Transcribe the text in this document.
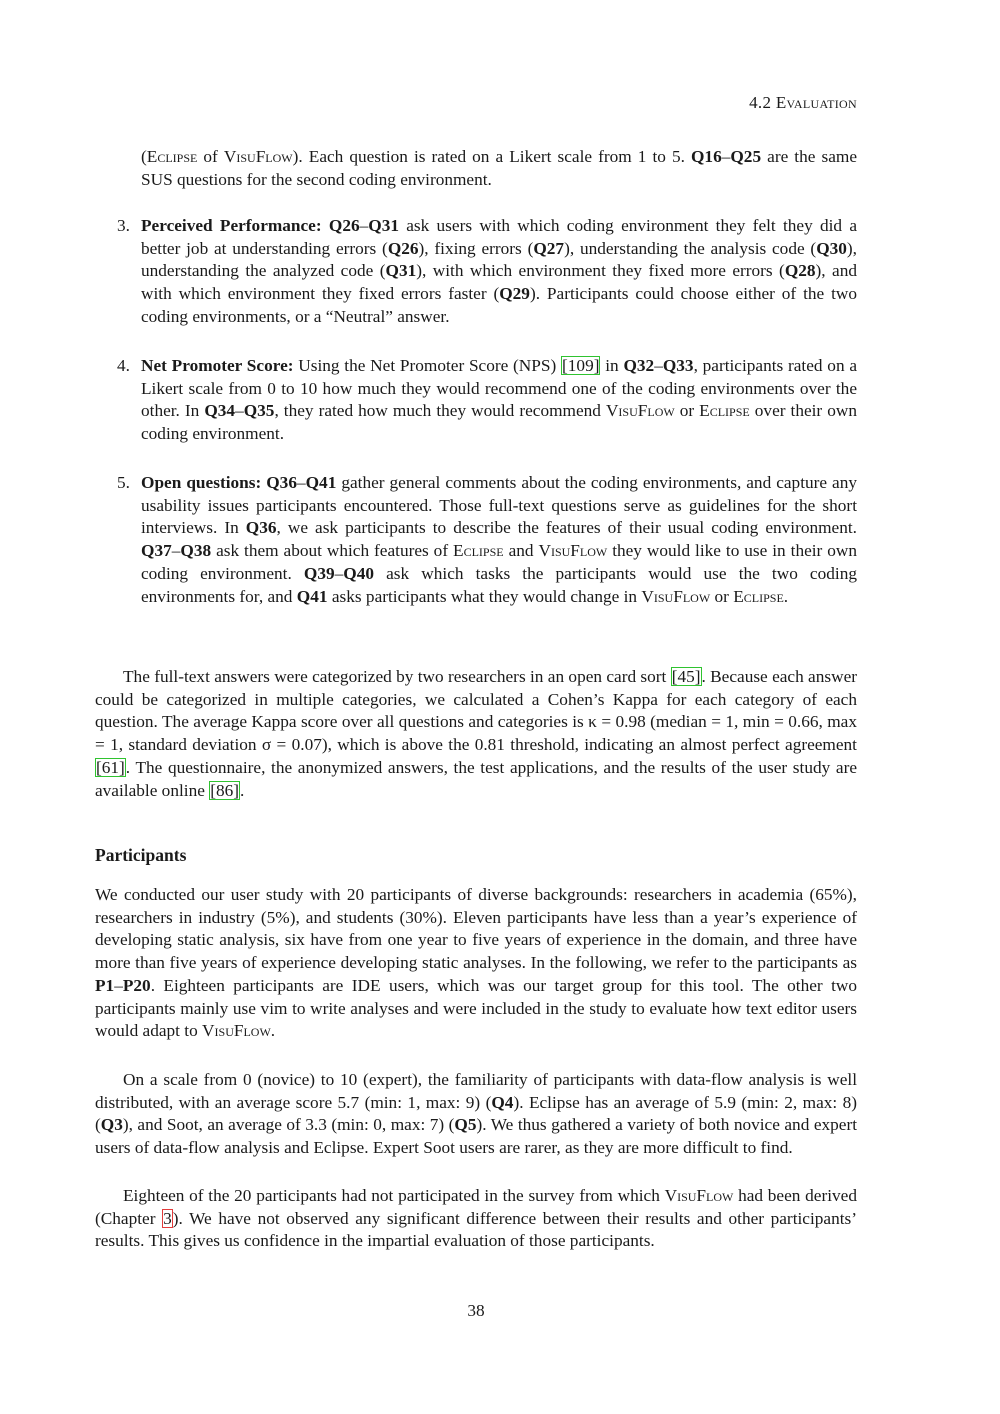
4.2 Evaluation
(Eclipse of VisuFlow). Each question is rated on a Likert scale from 1 to 5. Q16–Q25 are the same SUS questions for the second coding environment.
3. Perceived Performance: Q26–Q31 ask users with which coding environment they felt they did a better job at understanding errors (Q26), fixing errors (Q27), understanding the analysis code (Q30), understanding the analyzed code (Q31), with which environment they fixed more errors (Q28), and with which environment they fixed errors faster (Q29). Participants could choose either of the two coding environments, or a “Neutral” answer.
4. Net Promoter Score: Using the Net Promoter Score (NPS) [109] in Q32–Q33, participants rated on a Likert scale from 0 to 10 how much they would recommend one of the coding environments over the other. In Q34–Q35, they rated how much they would recommend VisuFlow or Eclipse over their own coding environment.
5. Open questions: Q36–Q41 gather general comments about the coding environments, and capture any usability issues participants encountered. Those full-text questions serve as guidelines for the short interviews. In Q36, we ask participants to describe the features of their usual coding environment. Q37–Q38 ask them about which features of Eclipse and VisuFlow they would like to use in their own coding environment. Q39–Q40 ask which tasks the participants would use the two coding environments for, and Q41 asks participants what they would change in VisuFlow or Eclipse.
The full-text answers were categorized by two researchers in an open card sort [45]. Because each answer could be categorized in multiple categories, we calculated a Cohen’s Kappa for each category of each question. The average Kappa score over all questions and categories is κ = 0.98 (median = 1, min = 0.66, max = 1, standard deviation σ = 0.07), which is above the 0.81 threshold, indicating an almost perfect agreement [61]. The questionnaire, the anonymized answers, the test applications, and the results of the user study are available online [86].
Participants
We conducted our user study with 20 participants of diverse backgrounds: researchers in academia (65%), researchers in industry (5%), and students (30%). Eleven participants have less than a year’s experience of developing static analysis, six have from one year to five years of experience in the domain, and three have more than five years of experience developing static analyses. In the following, we refer to the participants as P1–P20. Eighteen participants are IDE users, which was our target group for this tool. The other two participants mainly use vim to write analyses and were included in the study to evaluate how text editor users would adapt to VisuFlow.
On a scale from 0 (novice) to 10 (expert), the familiarity of participants with data-flow analysis is well distributed, with an average score 5.7 (min: 1, max: 9) (Q4). Eclipse has an average of 5.9 (min: 2, max: 8) (Q3), and Soot, an average of 3.3 (min: 0, max: 7) (Q5). We thus gathered a variety of both novice and expert users of data-flow analysis and Eclipse. Expert Soot users are rarer, as they are more difficult to find.
Eighteen of the 20 participants had not participated in the survey from which VisuFlow had been derived (Chapter 3). We have not observed any significant difference between their results and other participants’ results. This gives us confidence in the impartial evaluation of those participants.
38
